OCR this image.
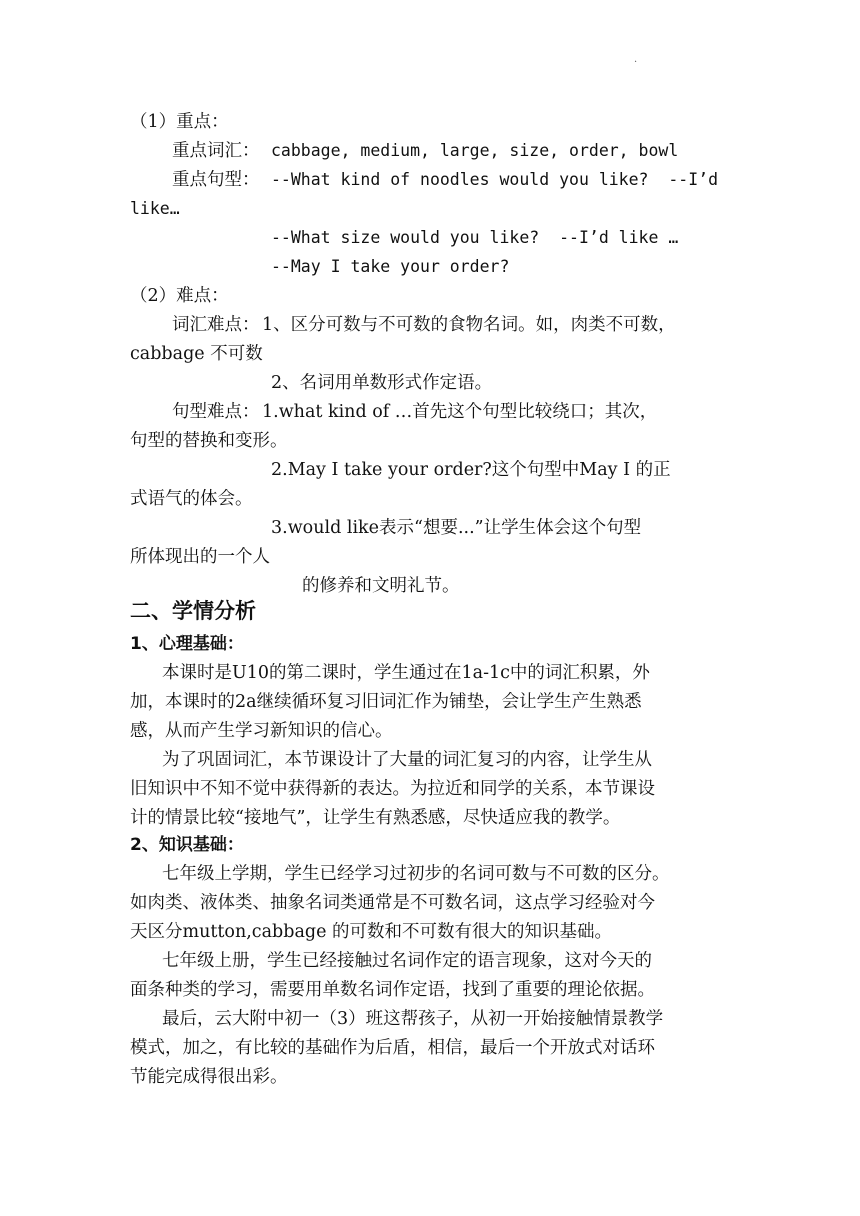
·
（1）重点：
重点词汇： cabbage, medium, large, size, order, bowl
重点句型： --What kind of noodles would you like?  --I’d
like…
--What size would you like?  --I’d like …
--May I take your order?
（2）难点：
词汇难点： 1、区分可数与不可数的食物名词。如，肉类不可数，
cabbage 不可数
2、名词用单数形式作定语。
句型难点： 1.what kind of …首先这个句型比较绕口；其次，
句型的替换和变形。
2.May I take your order?这个句型中May I 的正
式语气的体会。
3.would like表示“想要...”让学生体会这个句型
所体现出的一个人
的修养和文明礼节。
二、学情分析
1、心理基础：
本课时是U10的第二课时，学生通过在1a-1c中的词汇积累，外
加，本课时的2a继续循环复习旧词汇作为铺垫，会让学生产生熟悉
感，从而产生学习新知识的信心。
为了巩固词汇，本节课设计了大量的词汇复习的内容，让学生从
旧知识中不知不觉中获得新的表达。为拉近和同学的关系，本节课设
计的情景比较“接地气”，让学生有熟悉感，尽快适应我的教学。
2、知识基础：
七年级上学期，学生已经学习过初步的名词可数与不可数的区分。
如肉类、液体类、抽象名词类通常是不可数名词，这点学习经验对今
天区分mutton,cabbage 的可数和不可数有很大的知识基础。
七年级上册，学生已经接触过名词作定的语言现象，这对今天的
面条种类的学习，需要用单数名词作定语，找到了重要的理论依据。
最后，云大附中初一（3）班这帮孩子，从初一开始接触情景教学
模式，加之，有比较的基础作为后盾，相信，最后一个开放式对话环
节能完成得很出彩。
